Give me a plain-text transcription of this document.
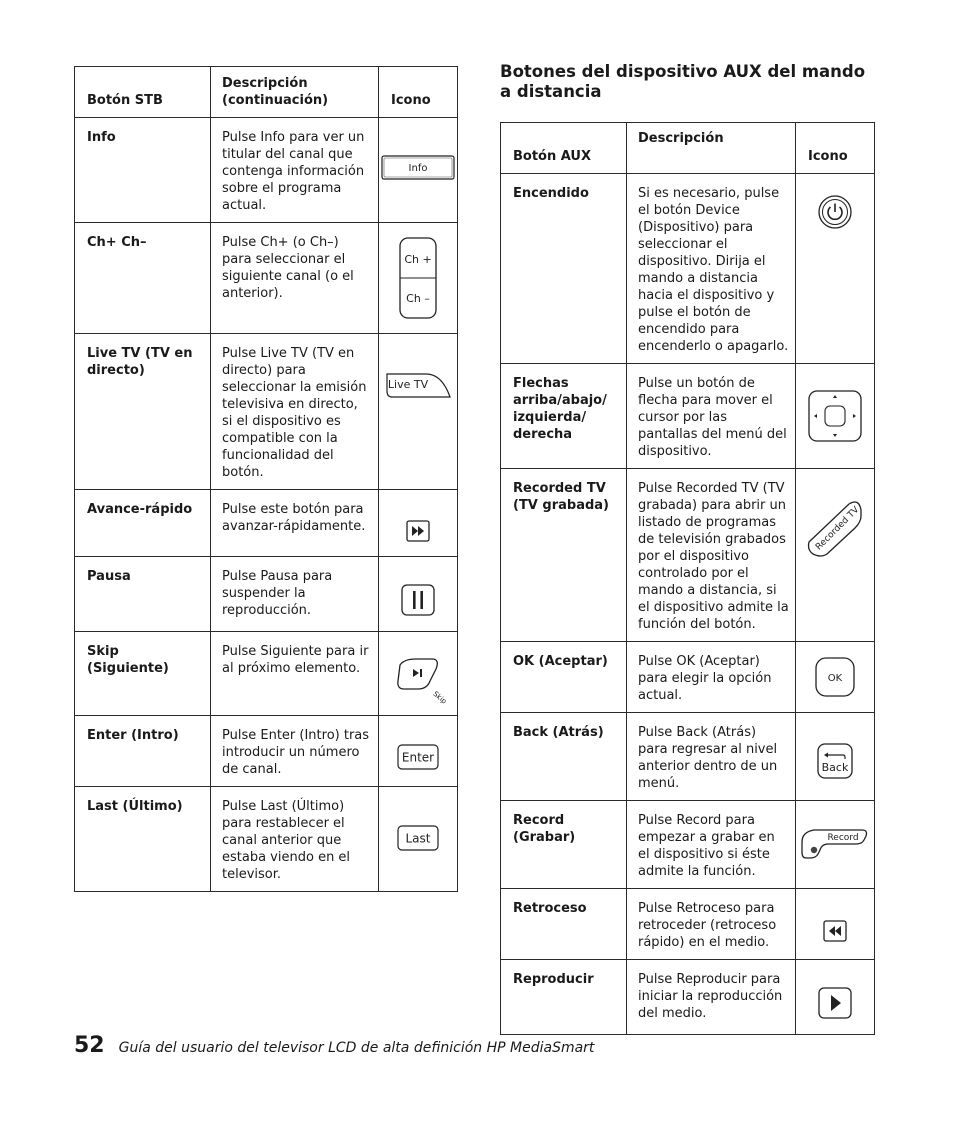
Botón STB	Descripción (continuación)	Icono
Info	Pulse Info para ver un titular del canal que contenga información sobre el programa actual.	Info

Ch+ Ch–	Pulse Ch+ (o Ch–) para seleccionar el siguiente canal (o el anterior).	Ch +
Ch –

Live TV (TV en directo)	Pulse Live TV (TV en directo) para seleccionar la emisión televisiva en directo, si el dispositivo es compatible con la funcionalidad del botón.	Live TV

Avance-rápido	Pulse este botón para avanzar-rápidamente.	

Pausa	Pulse Pausa para suspender la reproducción.	

Skip (Siguiente)	Pulse Siguiente para ir al próximo elemento.	Skip

Enter (Intro)	Pulse Enter (Intro) tras introducir un número de canal.	Enter

Last (Último)	Pulse Last (Último) para restablecer el canal anterior que estaba viendo en el televisor.	Last
Botones del dispositivo AUX del mando a distancia
Botón AUX	Descripción	Icono
Encendido	Si es necesario, pulse el botón Device (Dispositivo) para seleccionar el dispositivo. Dirija el mando a distancia hacia el dispositivo y pulse el botón de encendido para encenderlo o apagarlo.	

Flechas arriba/abajo/ izquierda/ derecha	Pulse un botón de flecha para mover el cursor por las pantallas del menú del dispositivo.	

Recorded TV (TV grabada)	Pulse Recorded TV (TV grabada) para abrir un listado de programas de televisión grabados por el dispositivo controlado por el mando a distancia, si el dispositivo admite la función del botón.	Recorded TV

OK (Aceptar)	Pulse OK (Aceptar) para elegir la opción actual.	OK

Back (Atrás)	Pulse Back (Atrás) para regresar al nivel anterior dentro de un menú.	Back

Record (Grabar)	Pulse Record para empezar a grabar en el dispositivo si éste admite la función.	Record

Retroceso	Pulse Retroceso para retroceder (retroceso rápido) en el medio.	

Reproducir	Pulse Reproducir para iniciar la reproducción del medio.	
52 Guía del usuario del televisor LCD de alta definición HP MediaSmart
